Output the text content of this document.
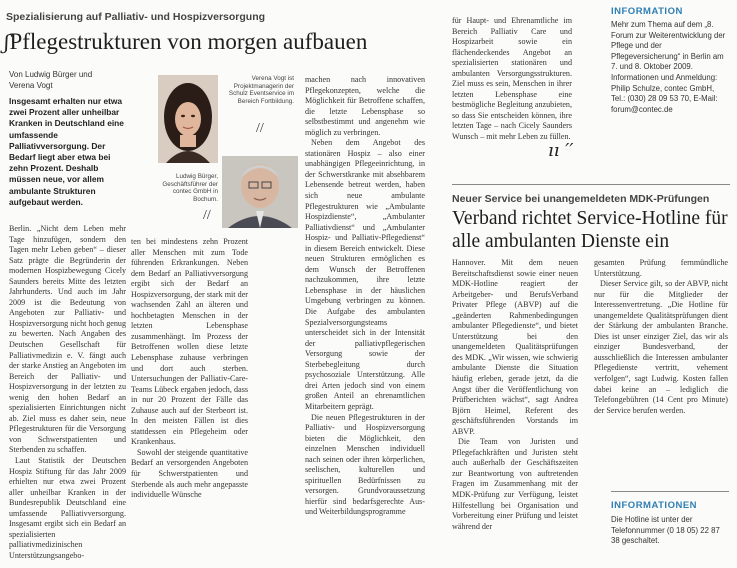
Spezialisierung auf Palliativ- und Hospizversorgung
ʃPflegestrukturen von morgen aufbauen
Von Ludwig Bürger und
Verena Vogt
Insgesamt erhalten nur etwa zwei Prozent aller unheilbar Kranken in Deutschland eine umfassende Palliativversorgung. Der Bedarf liegt aber etwa bei zehn Prozent. Deshalb müssen neue, vor allem ambulante Strukturen aufgebaut werden.

Berlin. „Nicht dem Leben mehr Tage hinzufügen, sondern den Tagen mehr Leben geben“ – dieser Satz prägte die Begründerin der modernen Hospizbewegung Cicely Saunders bereits Mitte des letzten Jahrhunderts. Und auch im Jahr 2009 ist die Bedeutung von Angeboten zur Palliativ- und Hospizversorgung nicht hoch genug zu bewerten. Nach Angaben des Deutschen Gesellschaft für Palliativmedizin e. V. fängt auch der starke Anstieg an Angeboten im Bereich der Palliativ- und Hospizversorgung in der letzten zu wenig den hohen Bedarf an spezialisierten Einrichtungen nicht ab. Ziel muss es daher sein, neue Pflegestrukturen für die Versorgung von Schwerstpatienten und Sterbenden zu schaffen.

Laut Statistik der Deutschen Hospiz Stiftung für das Jahr 2009 erhielten nur etwa zwei Prozent aller unheilbar Kranken in der Bundesrepublik Deutschland eine umfassende Palliativversorgung. Insgesamt ergibt sich ein Bedarf an spezialisierten palliativmedizinischen Unterstützungsangebo-

Verena Vogt ist Projektmanagerin der Schulz Eventservice im Bereich Fortbildung.
//
Ludwig Bürger, Geschäftsführer der contec GmbH in Bochum.
//

ten bei mindestens zehn Prozent aller Menschen mit zum Tode führenden Erkrankungen. Neben dem Bedarf an Palliativversorgung ergibt sich der Bedarf an Hospizversorgung, der stark mit der wachsenden Zahl an älteren und hochbetagten Menschen in der letzten Lebensphase zusammenhängt. Im Prozess der Betroffenen wollen diese letzte Lebensphase zuhause verbringen und dort auch sterben. Untersuchungen der Palliativ-Care-Teams Lübeck ergaben jedoch, dass in nur 20 Prozent der Fälle das Zuhause auch auf der Sterbeort ist. In den meisten Fällen ist dies stattdessen ein Pflegeheim oder Krankenhaus.

Sowohl der steigende quantitative Bedarf an versorgenden Angeboten für Schwerstpatienten und Sterbende als auch mehr angepasste individuelle Wünsche

machen nach innovativen Pflegekonzepten, welche die Möglichkeit für Betroffene schaffen, die letzte Lebensphase so selbstbestimmt und angenehm wie möglich zu verbringen.

Neben dem Angebot des stationären Hospiz – also einer unabhängigen Pflegeeinrichtung, in der Schwerstkranke mit absehbarem Lebensende betreut werden, haben sich neue ambulante Pflegestrukturen wie „Ambulante Hospizdienste“, „Ambulanter Palliativdienst“ und „Ambulanter Hospiz- und Palliativ-Pflegedienst“ in diesem Bereich entwickelt. Diese neuen Strukturen ermöglichen es dem Wunsch der Betroffenen nachzukommen, ihre letzte Lebensphase in der häuslichen Umgebung verbringen zu können. Die Aufgabe des ambulanten Spezialversorgungsteams unterscheidet sich in der Intensität der palliativpflegerischen Versorgung sowie der Sterbebegleitung durch psychosoziale Unterstützung. Alle drei Arten jedoch sind von einem großen Anteil an ehrenamtlichen Mitarbeitern geprägt.

Die neuen Pflegestrukturen in der Palliativ- und Hospizversorgung bieten die Möglichkeit, den einzelnen Menschen individuell nach seinen oder ihren körperlichen, seelischen, kulturellen und spirituellen Bedürfnissen zu versorgen. Grundvoraussetzung hierfür sind bedarfsgerechte Aus- und Weiterbildungsprogramme

für Haupt- und Ehrenamtliche im Bereich Palliativ Care und Hospizarbeit sowie ein flächendeckendes Angebot an spezialisierten stationären und ambulanten Versorgungsstrukturen. Ziel muss es sein, Menschen in ihrer letzten Lebensphase eine bestmögliche Begleitung anzubieten, so dass Sie entscheiden können, ihre letzten Tage – nach Cicely Saunders Wunsch – mit mehr Leben zu füllen.

ıı ′′
INFORMATION
Mehr zum Thema auf dem „8. Forum zur Weiterentwicklung der Pflege und der Pflegeversicherung“ in Berlin am 7. und 8. Oktober 2009. Informationen und Anmeldung: Philip Schulze, contec GmbH, Tel.: (030) 28 09 53 70, E-Mail: forum@contec.de
Neuer Service bei unangemeldeten MDK-Prüfungen
Verband richtet Service-Hotline für alle ambulanten Dienste ein

Hannover. Mit dem neuen Bereitschaftsdienst sowie einer neuen MDK-Hotline reagiert der Arbeitgeber- und BerufsVerband Privater Pflege (ABVP) auf die „geänderten Rahmenbedingungen ambulanter Pflegedienste“, und bietet Unterstützung bei den unangemeldeten Qualitätsprüfungen des MDK. „Wir wissen, wie schwierig ambulante Dienste die Situation häufig erleben, gerade jetzt, da die Angst über die Veröffentlichung von Prüfberichten wächst“, sagt Andrea Björn Heimel, Referent des geschäftsführenden Vorstands im ABVP.

Die Team von Juristen und Pflegefachkräften und Juristen steht auch außerhalb der Geschäftszeiten zur Beantwortung von auftretenden Fragen im Zusammenhang mit der MDK-Prüfung zur Verfügung, leistet Hilfestellung bei Organisation und Vorbereitung einer Prüfung und leistet während der

gesamten Prüfung fernmündliche Unterstützung.

Dieser Service gilt, so der ABVP, nicht nur für die Mitglieder der Interessenvertretung. „Die Hotline für unangemeldete Qualitätsprüfungen dient der Stärkung der ambulanten Branche. Dies ist unser einziger Ziel, das wir als einziger Bundesverband, der ausschließlich die Interessen ambulanter Pflegedienste vertritt, vehement verfolgen“, sagt Ludwig. Kosten fallen dabei keine an – lediglich die Telefongebühren (14 Cent pro Minute) der Service berufen werden.

INFORMATIONEN
Die Hotline ist unter der Telefonnummer (0 18 05) 22 87 38 geschaltet.
